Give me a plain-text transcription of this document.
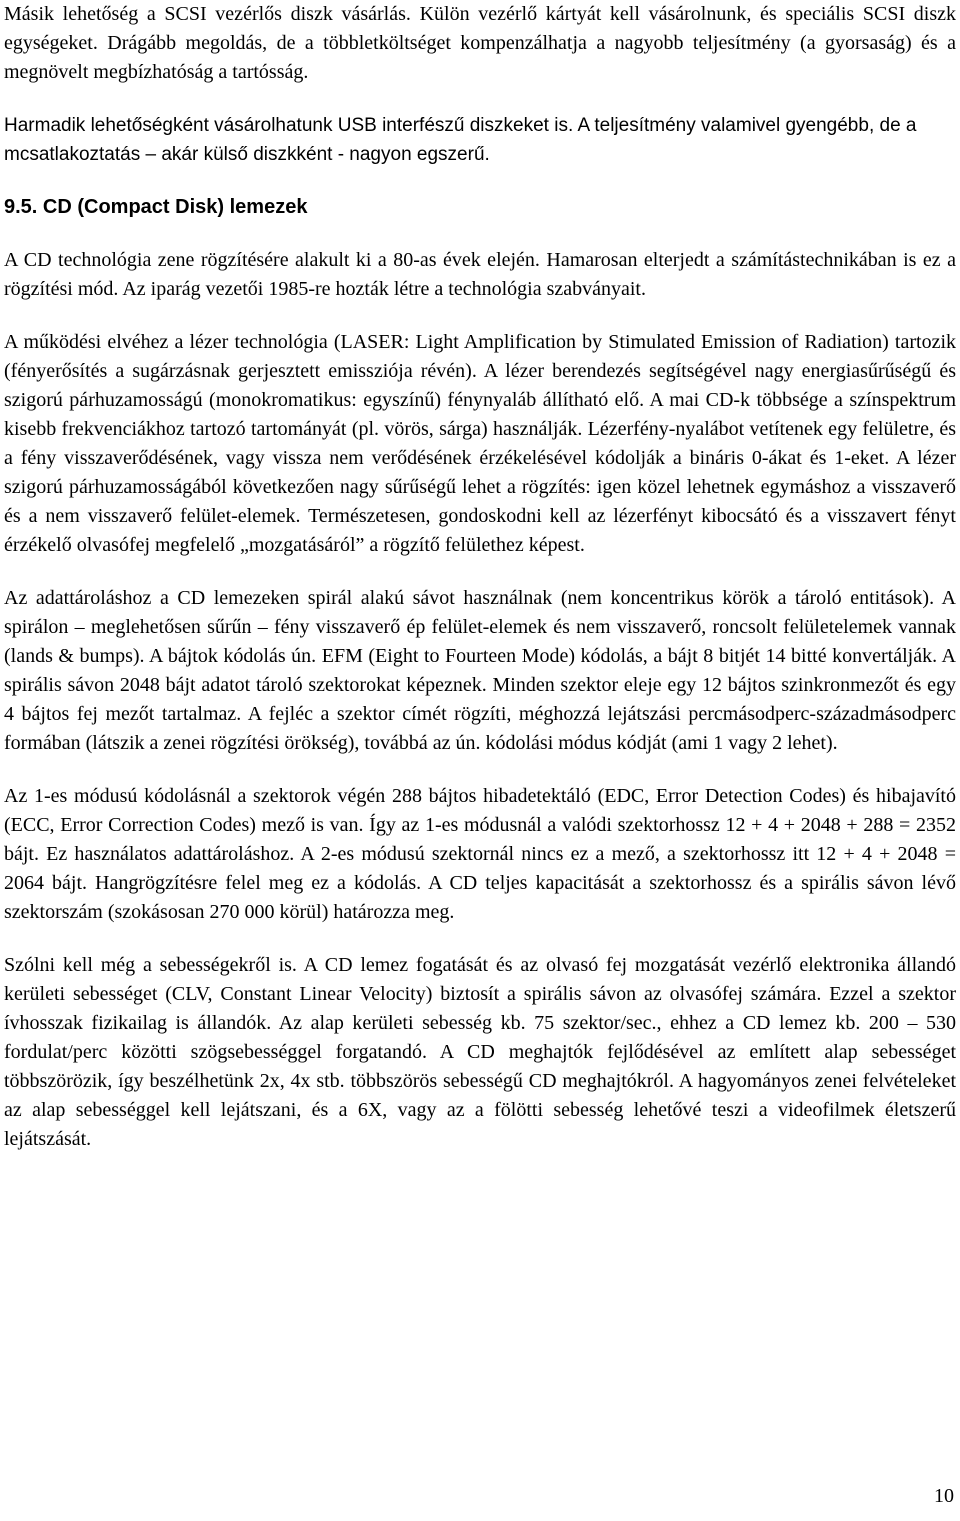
Másik lehetőség a SCSI vezérlős diszk vásárlás. Külön vezérlő kártyát kell vásárolnunk, és speciális SCSI diszk egységeket. Drágább megoldás, de a többletköltséget kompenzálhatja a nagyobb teljesítmény (a gyorsaság) és a megnövelt megbízhatóság a tartósság.

Harmadik lehetőségként vásárolhatunk USB interfészű diszkeket is. A teljesítmény valamivel gyengébb, de a mcsatlakoztatás – akár külső diszkként - nagyon egszerű.

9.5. CD (Compact Disk) lemezek

A CD technológia zene rögzítésére alakult ki a 80-as évek elején. Hamarosan elterjedt a számítástechnikában is ez a rögzítési mód. Az iparág vezetői 1985-re hozták létre a technológia szabványait.

A működési elvéhez a lézer technológia (LASER: Light Amplification by Stimulated Emission of Radiation) tartozik (fényerősítés a sugárzásnak gerjesztett emissziója révén). A lézer berendezés segítségével nagy energiasűrűségű és szigorú párhuzamosságú (monokromatikus: egyszínű) fénynyaláb állítható elő. A mai CD-k többsége a színspektrum kisebb frekvenciákhoz tartozó tartományát (pl. vörös, sárga) használják. Lézerfény-nyalábot vetítenek egy felületre, és a fény visszaverődésének, vagy vissza nem verődésének érzékelésével kódolják a bináris 0-ákat és 1-eket. A lézer szigorú párhuzamosságából következően nagy sűrűségű lehet a rögzítés: igen közel lehetnek egymáshoz a visszaverő és a nem visszaverő felület-elemek. Természetesen, gondoskodni kell az lézerfényt kibocsátó és a visszavert fényt érzékelő olvasófej megfelelő „mozgatásáról” a rögzítő felülethez képest.

Az adattároláshoz a CD lemezeken spirál alakú sávot használnak (nem koncentrikus körök a tároló entitások). A spirálon – meglehetősen sűrűn – fény visszaverő ép felület-elemek és nem visszaverő, roncsolt felületelemek vannak (lands & bumps). A bájtok kódolás ún. EFM (Eight to Fourteen Mode) kódolás, a bájt 8 bitjét 14 bitté konvertálják. A spirális sávon 2048 bájt adatot tároló szektorokat képeznek. Minden szektor eleje egy 12 bájtos szinkronmezőt és egy 4 bájtos fej mezőt tartalmaz. A fejléc a szektor címét rögzíti, méghozzá lejátszási percmásodperc-századmásodperc formában (látszik a zenei rögzítési örökség), továbbá az ún. kódolási módus kódját (ami 1 vagy 2 lehet).

Az 1-es módusú kódolásnál a szektorok végén 288 bájtos hibadetektáló (EDC, Error Detection Codes) és hibajavító (ECC, Error Correction Codes) mező is van. Így az 1-es módusnál a valódi szektorhossz 12 + 4 + 2048 + 288 = 2352 bájt. Ez használatos adattároláshoz. A 2-es módusú szektornál nincs ez a mező, a szektorhossz itt 12 + 4 + 2048 = 2064 bájt. Hangrögzítésre felel meg ez a kódolás. A CD teljes kapacitását a szektorhossz és a spirális sávon lévő szektorszám (szokásosan 270 000 körül) határozza meg.

Szólni kell még a sebességekről is. A CD lemez fogatását és az olvasó fej mozgatását vezérlő elektronika állandó kerületi sebességet (CLV, Constant Linear Velocity) biztosít a spirális sávon az olvasófej számára. Ezzel a szektor ívhosszak fizikailag is állandók. Az alap kerületi sebesség kb. 75 szektor/sec., ehhez a CD lemez kb. 200 – 530 fordulat/perc közötti szögsebességgel forgatandó. A CD meghajtók fejlődésével az említett alap sebességet többszörözik, így beszélhetünk 2x, 4x stb. többszörös sebességű CD meghajtókról. A hagyományos zenei felvételeket az alap sebességgel kell lejátszani, és a 6X, vagy az a fölötti sebesség lehetővé teszi a videofilmek életszerű lejátszását.

10
